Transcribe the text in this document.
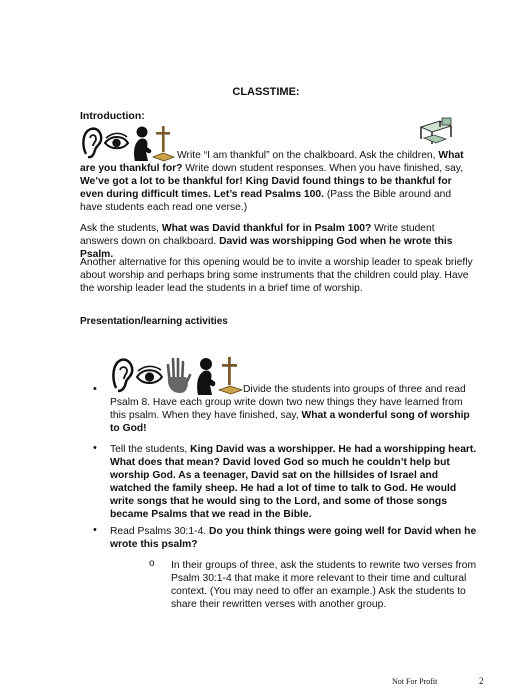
CLASSTIME:
Introduction:
Write “I am thankful” on the chalkboard. Ask the children, What are you thankful for? Write down student responses. When you have finished, say, We’ve got a lot to be thankful for! King David found things to be thankful for even during difficult times. Let’s read Psalms 100. (Pass the Bible around and have students each read one verse.)
Ask the students, What was David thankful for in Psalm 100? Write student answers down on chalkboard. David was worshipping God when he wrote this Psalm.
Another alternative for this opening would be to invite a worship leader to speak briefly about worship and perhaps bring some instruments that the children could play. Have the worship leader lead the students in a brief time of worship.
Presentation/learning activities
•	Divide the students into groups of three and read Psalm 8. Have each group write down two new things they have learned from this psalm. When they have finished, say, What a wonderful song of worship to God!
• Tell the students, King David was a worshipper. He had a worshipping heart. What does that mean? David loved God so much he couldn’t help but worship God. As a teenager, David sat on the hillsides of Israel and watched the family sheep. He had a lot of time to talk to God. He would write songs that he would sing to the Lord, and some of those songs became Psalms that we read in the Bible.
• Read Psalms 30:1-4. Do you think things were going well for David when he wrote this psalm?
o In their groups of three, ask the students to rewrite two verses from Psalm 30:1-4 that make it more relevant to their time and cultural context. (You may need to offer an example.) Ask the students to share their rewritten verses with another group.
Not For Profit	2
